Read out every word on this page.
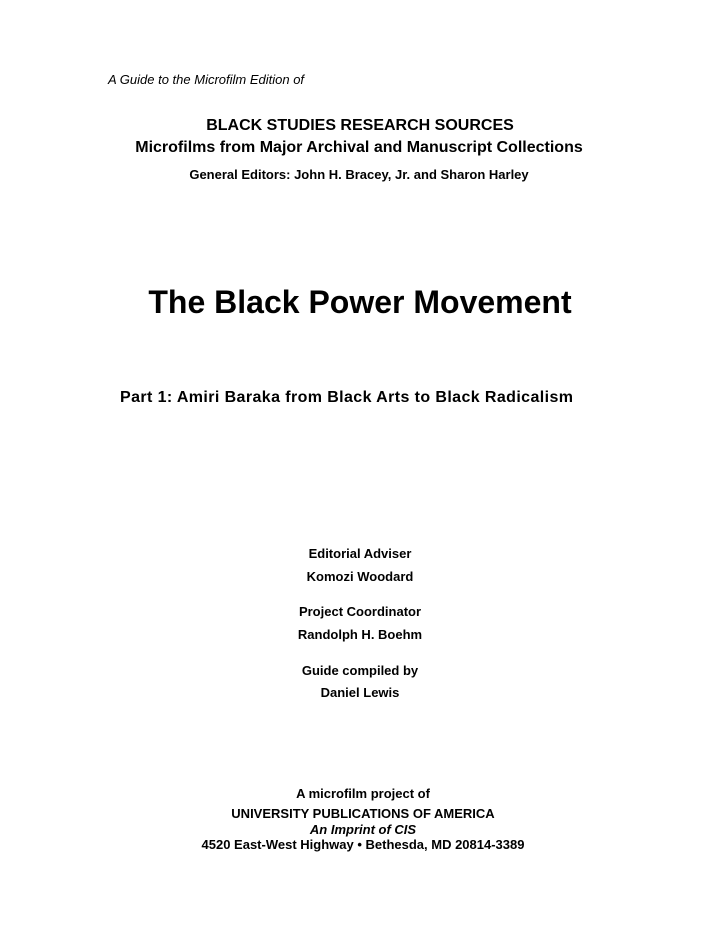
A Guide to the Microfilm Edition of
BLACK STUDIES RESEARCH SOURCES
Microfilms from Major Archival and Manuscript Collections
General Editors: John H. Bracey, Jr. and Sharon Harley
The Black Power Movement
Part 1: Amiri Baraka from Black Arts to Black Radicalism
Editorial Adviser
Komozi Woodard
Project Coordinator
Randolph H. Boehm
Guide compiled by
Daniel Lewis
A microfilm project of
UNIVERSITY PUBLICATIONS OF AMERICA
An Imprint of CIS
4520 East-West Highway • Bethesda, MD 20814-3389
